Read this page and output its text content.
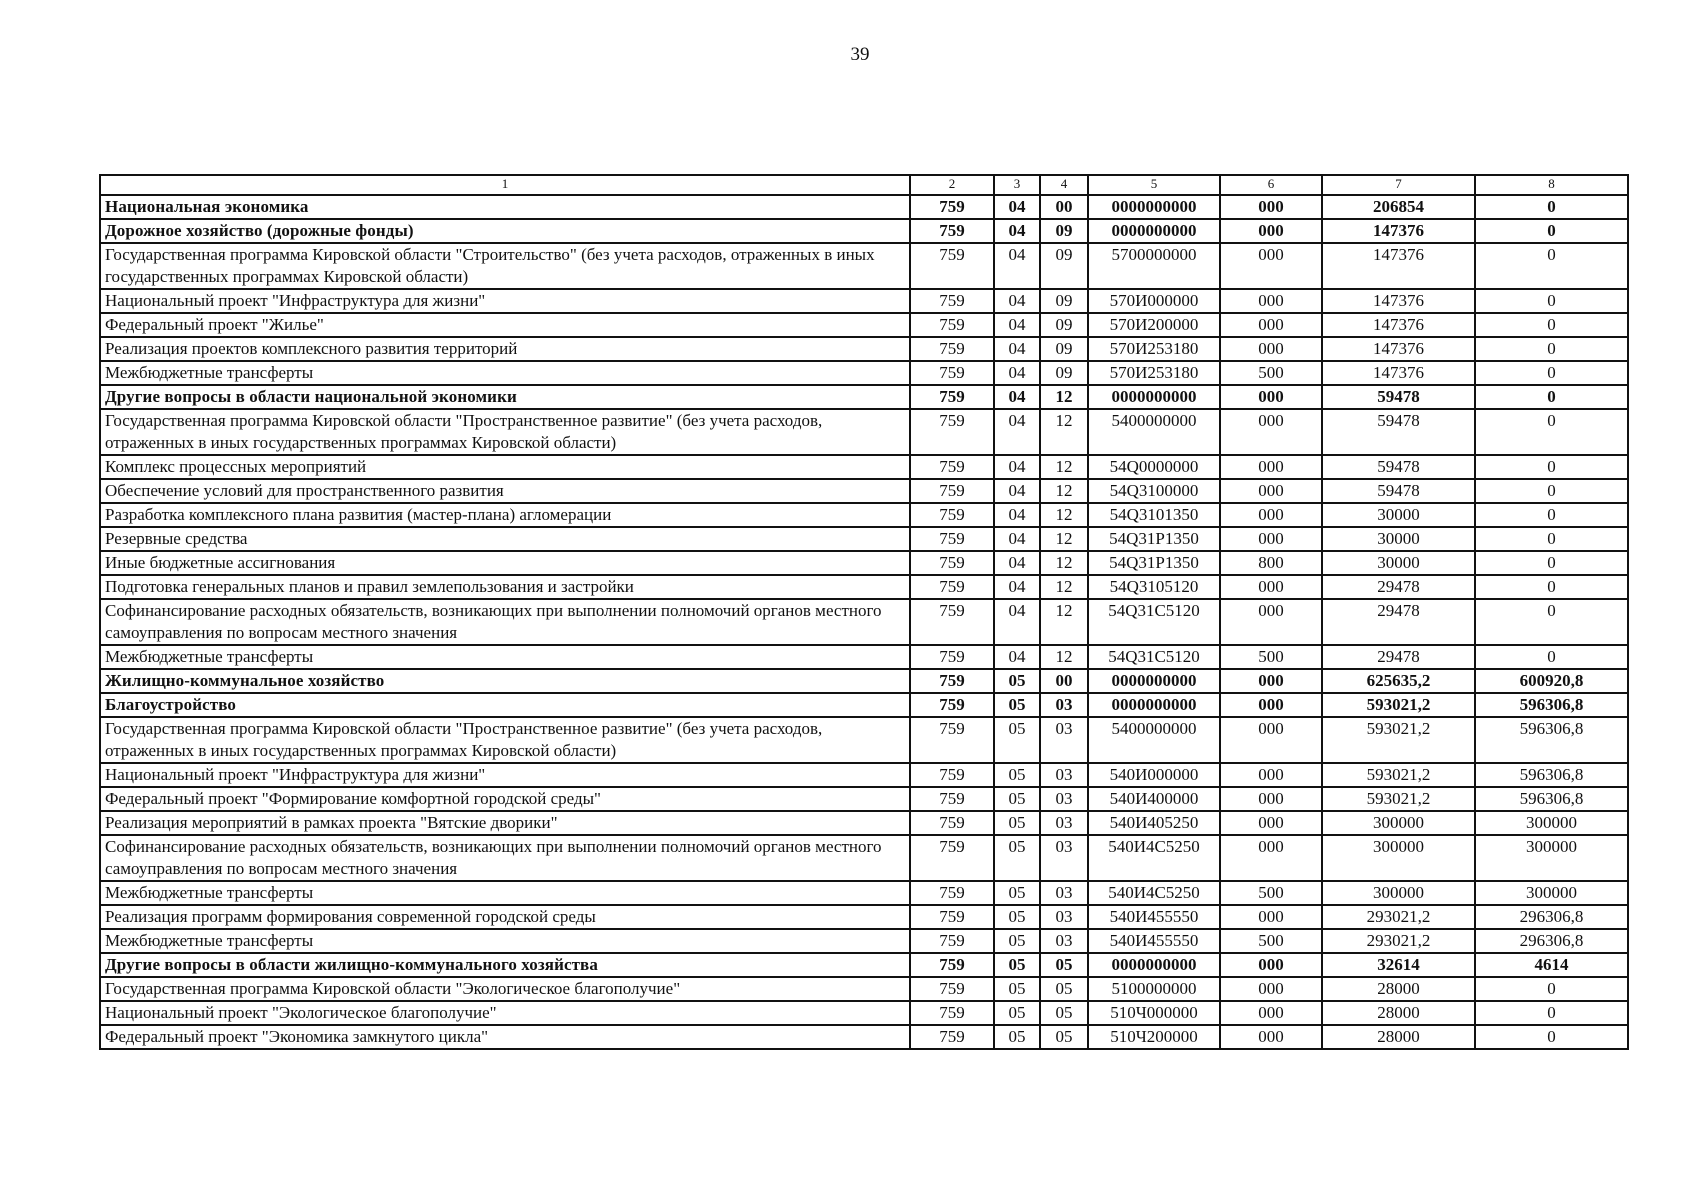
39
1	2	3	4	5	6	7	8
Национальная экономика	759	04	00	0000000000	000	206854	0
Дорожное хозяйство (дорожные фонды)	759	04	09	0000000000	000	147376	0
Государственная программа Кировской области "Строительство" (без учета расходов, отраженных в иных государственных программах Кировской области)	759	04	09	5700000000	000	147376	0
Национальный проект "Инфраструктура для жизни"	759	04	09	570И000000	000	147376	0
Федеральный проект "Жилье"	759	04	09	570И200000	000	147376	0
Реализация проектов комплексного развития территорий	759	04	09	570И253180	000	147376	0
Межбюджетные трансферты	759	04	09	570И253180	500	147376	0
Другие вопросы в области национальной экономики	759	04	12	0000000000	000	59478	0
Государственная программа Кировской области "Пространственное развитие" (без учета расходов, отраженных в иных государственных программах Кировской области)	759	04	12	5400000000	000	59478	0
Комплекс процессных мероприятий	759	04	12	54Q0000000	000	59478	0
Обеспечение условий для пространственного развития	759	04	12	54Q3100000	000	59478	0
Разработка комплексного плана развития (мастер-плана) агломерации	759	04	12	54Q3101350	000	30000	0
Резервные средства	759	04	12	54Q31P1350	000	30000	0
Иные бюджетные ассигнования	759	04	12	54Q31P1350	800	30000	0
Подготовка генеральных планов и правил землепользования и застройки	759	04	12	54Q3105120	000	29478	0
Софинансирование расходных обязательств, возникающих при выполнении полномочий органов местного самоуправления по вопросам местного значения	759	04	12	54Q31C5120	000	29478	0
Межбюджетные трансферты	759	04	12	54Q31C5120	500	29478	0
Жилищно-коммунальное хозяйство	759	05	00	0000000000	000	625635,2	600920,8
Благоустройство	759	05	03	0000000000	000	593021,2	596306,8
Государственная программа Кировской области "Пространственное развитие" (без учета расходов, отраженных в иных государственных программах Кировской области)	759	05	03	5400000000	000	593021,2	596306,8
Национальный проект "Инфраструктура для жизни"	759	05	03	540И000000	000	593021,2	596306,8
Федеральный проект "Формирование комфортной городской среды"	759	05	03	540И400000	000	593021,2	596306,8
Реализация мероприятий в рамках проекта "Вятские дворики"	759	05	03	540И405250	000	300000	300000
Софинансирование расходных обязательств, возникающих при выполнении полномочий органов местного самоуправления по вопросам местного значения	759	05	03	540И4С5250	000	300000	300000
Межбюджетные трансферты	759	05	03	540И4С5250	500	300000	300000
Реализация программ формирования современной городской среды	759	05	03	540И455550	000	293021,2	296306,8
Межбюджетные трансферты	759	05	03	540И455550	500	293021,2	296306,8
Другие вопросы в области жилищно-коммунального хозяйства	759	05	05	0000000000	000	32614	4614
Государственная программа Кировской области "Экологическое благополучие"	759	05	05	5100000000	000	28000	0
Национальный проект "Экологическое благополучие"	759	05	05	510Ч000000	000	28000	0
Федеральный проект "Экономика замкнутого цикла"	759	05	05	510Ч200000	000	28000	0
